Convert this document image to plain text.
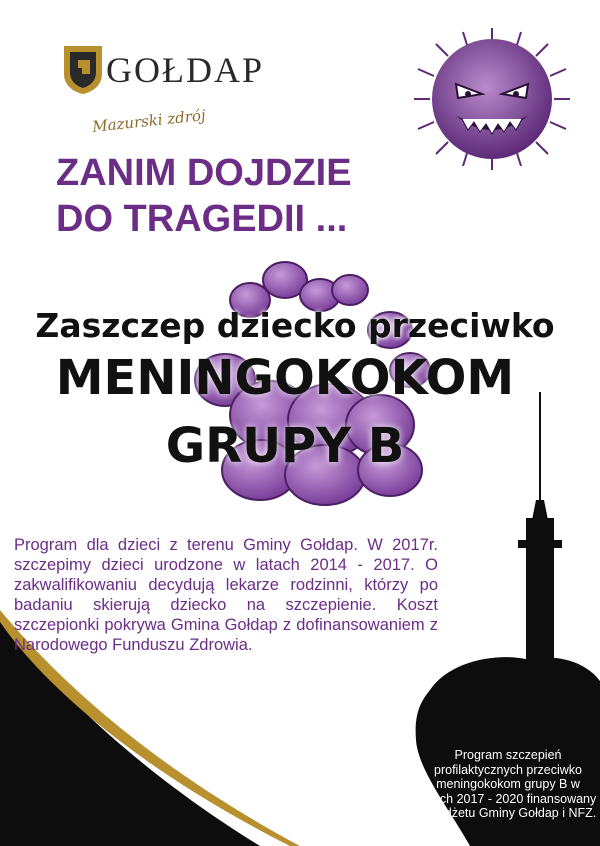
GOŁDAP
Mazurski zdrój
ZANIM DOJDZIE
DO TRAGEDII ...
Zaszczep dziecko przeciwko
MENINGOKOKOM
GRUPY B
Program dla dzieci z terenu Gminy Gołdap. W 2017r. szczepimy dzieci urodzone w latach 2014 - 2017. O zakwalifikowaniu decydują lekarze rodzinni, którzy po badaniu skierują dziecko na szczepienie. Koszt szczepionki pokrywa Gmina Gołdap z dofinansowaniem z Narodowego Funduszu Zdrowia.
Program szczepień profilaktycznych przeciwko meningokokom grupy B w latach 2017 - 2020 finansowany z Budżetu Gminy Gołdap i NFZ.
